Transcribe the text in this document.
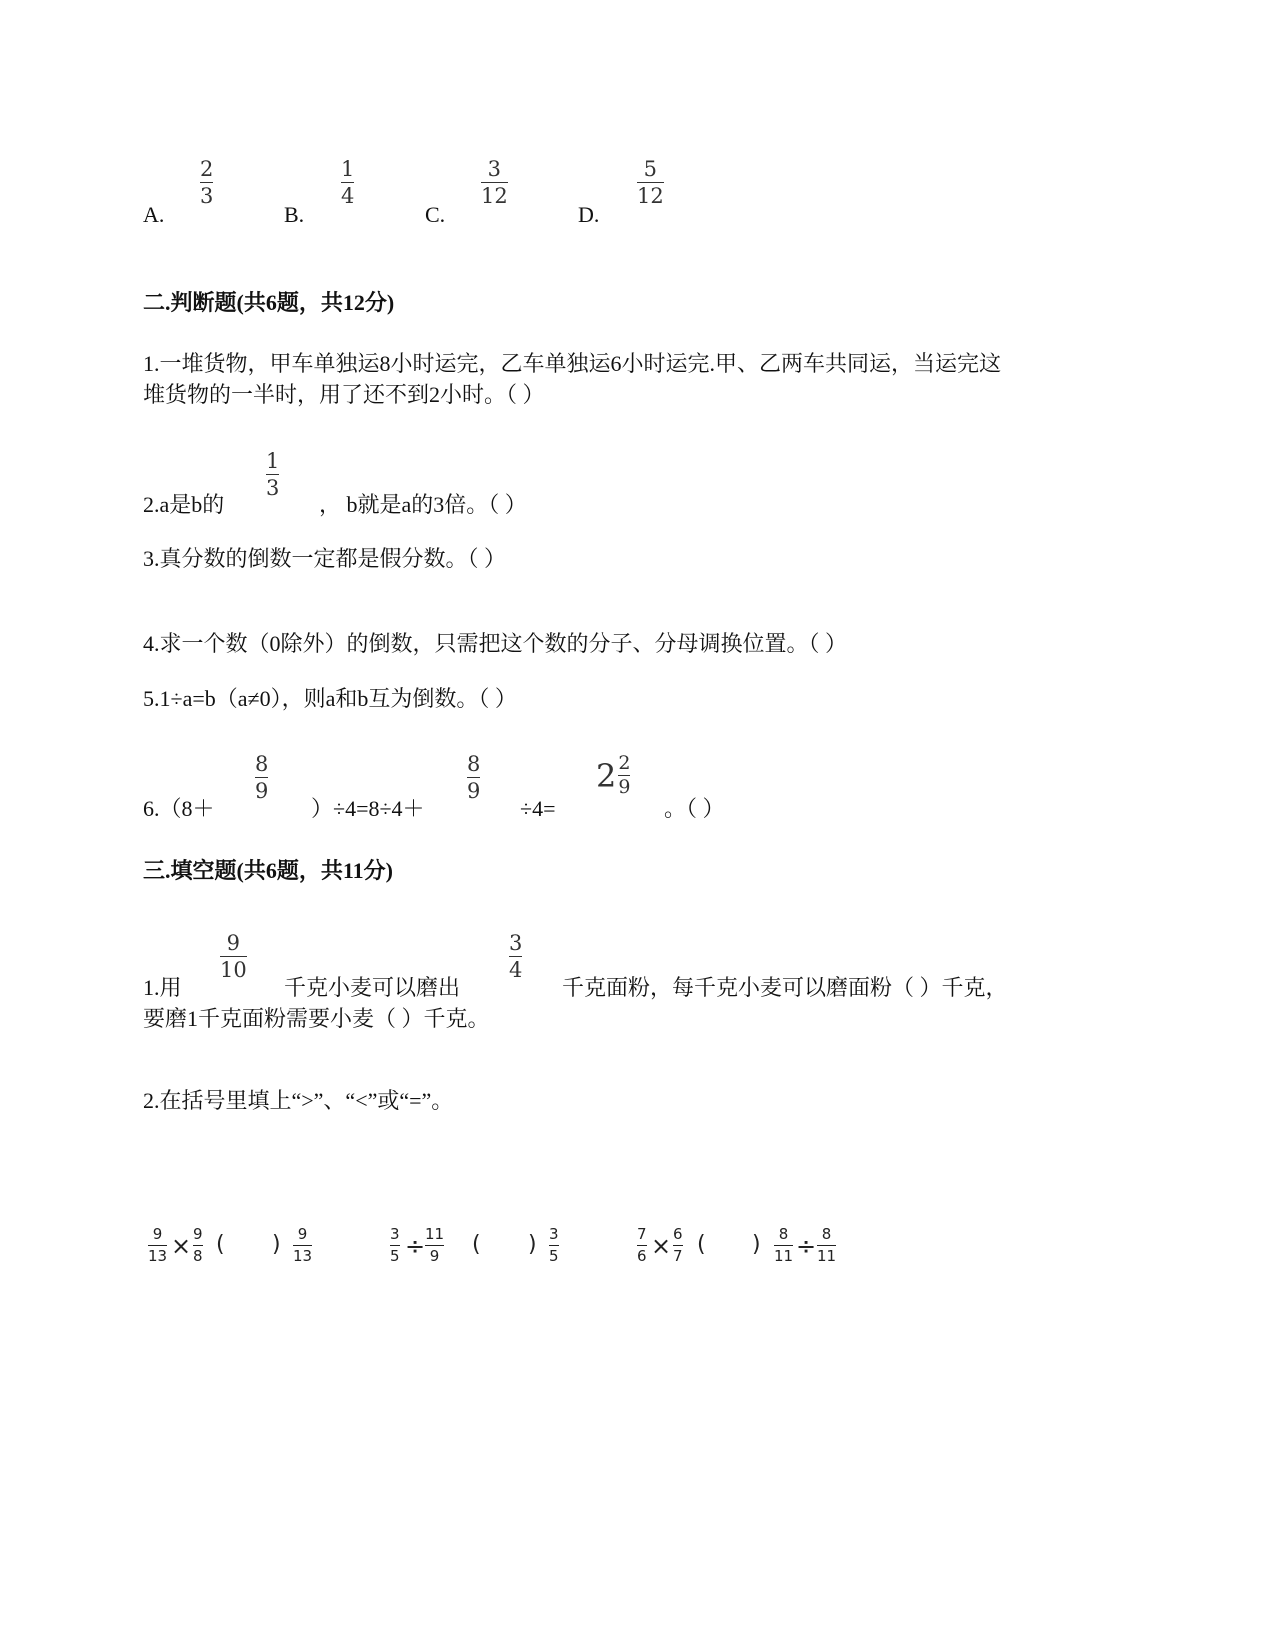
A.
2
3
B.
1
4
C.
3
12
D.
5
12
二.判断题(共6题，共12分)
1.一堆货物，甲车单独运8小时运完，乙车单独运6小时运完.甲、乙两车共同运，当运完这
堆货物的一半时，用了还不到2小时。（ ）
2.a是b的
1
3
， b就是a的3倍。（ ）
3.真分数的倒数一定都是假分数。（ ）
4.求一个数（0除外）的倒数，只需把这个数的分子、分母调换位置。（ ）
5.1÷a=b（a≠0），则a和b互为倒数。（ ）
6.（8＋
8
9
）÷4=8÷4＋
8
9
÷4=
$2 \frac{2}{9}$
。（ ）
三.填空题(共6题，共11分)
1.用
9
10
千克小麦可以磨出
3
4
千克面粉，每千克小麦可以磨面粉（ ）千克，
要磨1千克面粉需要小麦（ ）千克。
2.在括号里填上“>”、“<”或“=”。
9
13 × 9
8 ( ) 9
13
3
5 ÷ 11
9 ( ) 3
5
7
6 × 6
7 ( ) 8
11 ÷ 8
11
